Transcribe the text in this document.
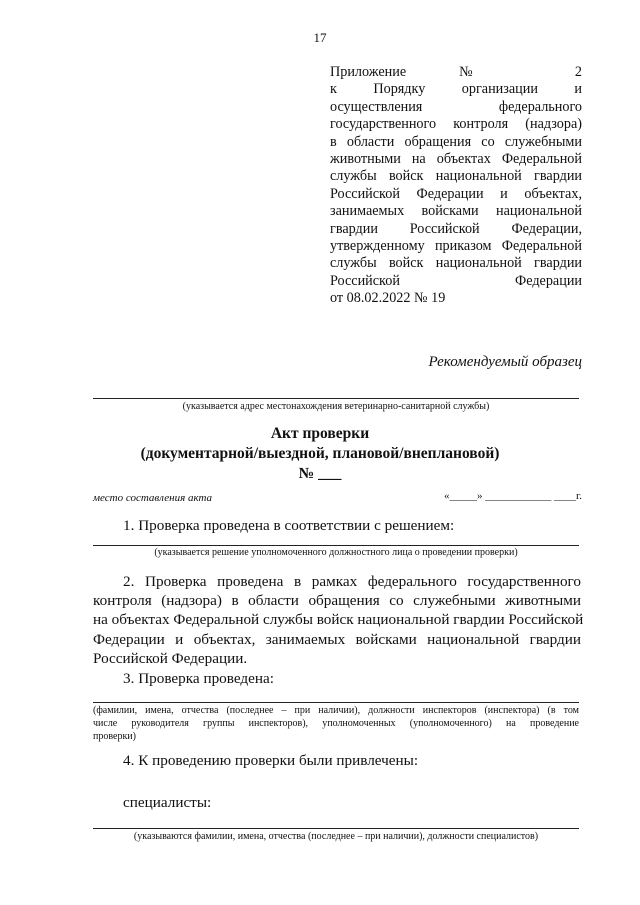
17
Приложение № 2
к Порядку организации и
осуществления федерального
государственного контроля (надзора)
в области обращения со служебными
животными на объектах Федеральной
службы войск национальной гвардии
Российской Федерации и объектах,
занимаемых войсками национальной
гвардии Российской Федерации,
утвержденному приказом Федеральной
службы войск национальной гвардии
Российской Федерации
от 08.02.2022 № 19
Рекомендуемый образец
(указывается адрес местонахождения ветеринарно-санитарной службы)
Акт проверки
(документарной/выездной, плановой/внеплановой)
№ ___
место составления акта	«_____» ____________ ____г.
1. Проверка проведена в соответствии с решением:
(указывается решение уполномоченного должностного лица о проведении проверки)
2. Проверка проведена в рамках федерального государственного
контроля (надзора) в области обращения со служебными животными
на объектах Федеральной службы войск национальной гвардии Российской
Федерации и объектах, занимаемых войсками национальной гвардии
Российской Федерации.
3. Проверка проведена:
(фамилии, имена, отчества (последнее – при наличии), должности инспекторов (инспектора) (в том
числе руководителя группы инспекторов), уполномоченных (уполномоченного) на проведение
проверки)
4. К проведению проверки были привлечены:
специалисты:
(указываются фамилии, имена, отчества (последнее – при наличии), должности специалистов)
